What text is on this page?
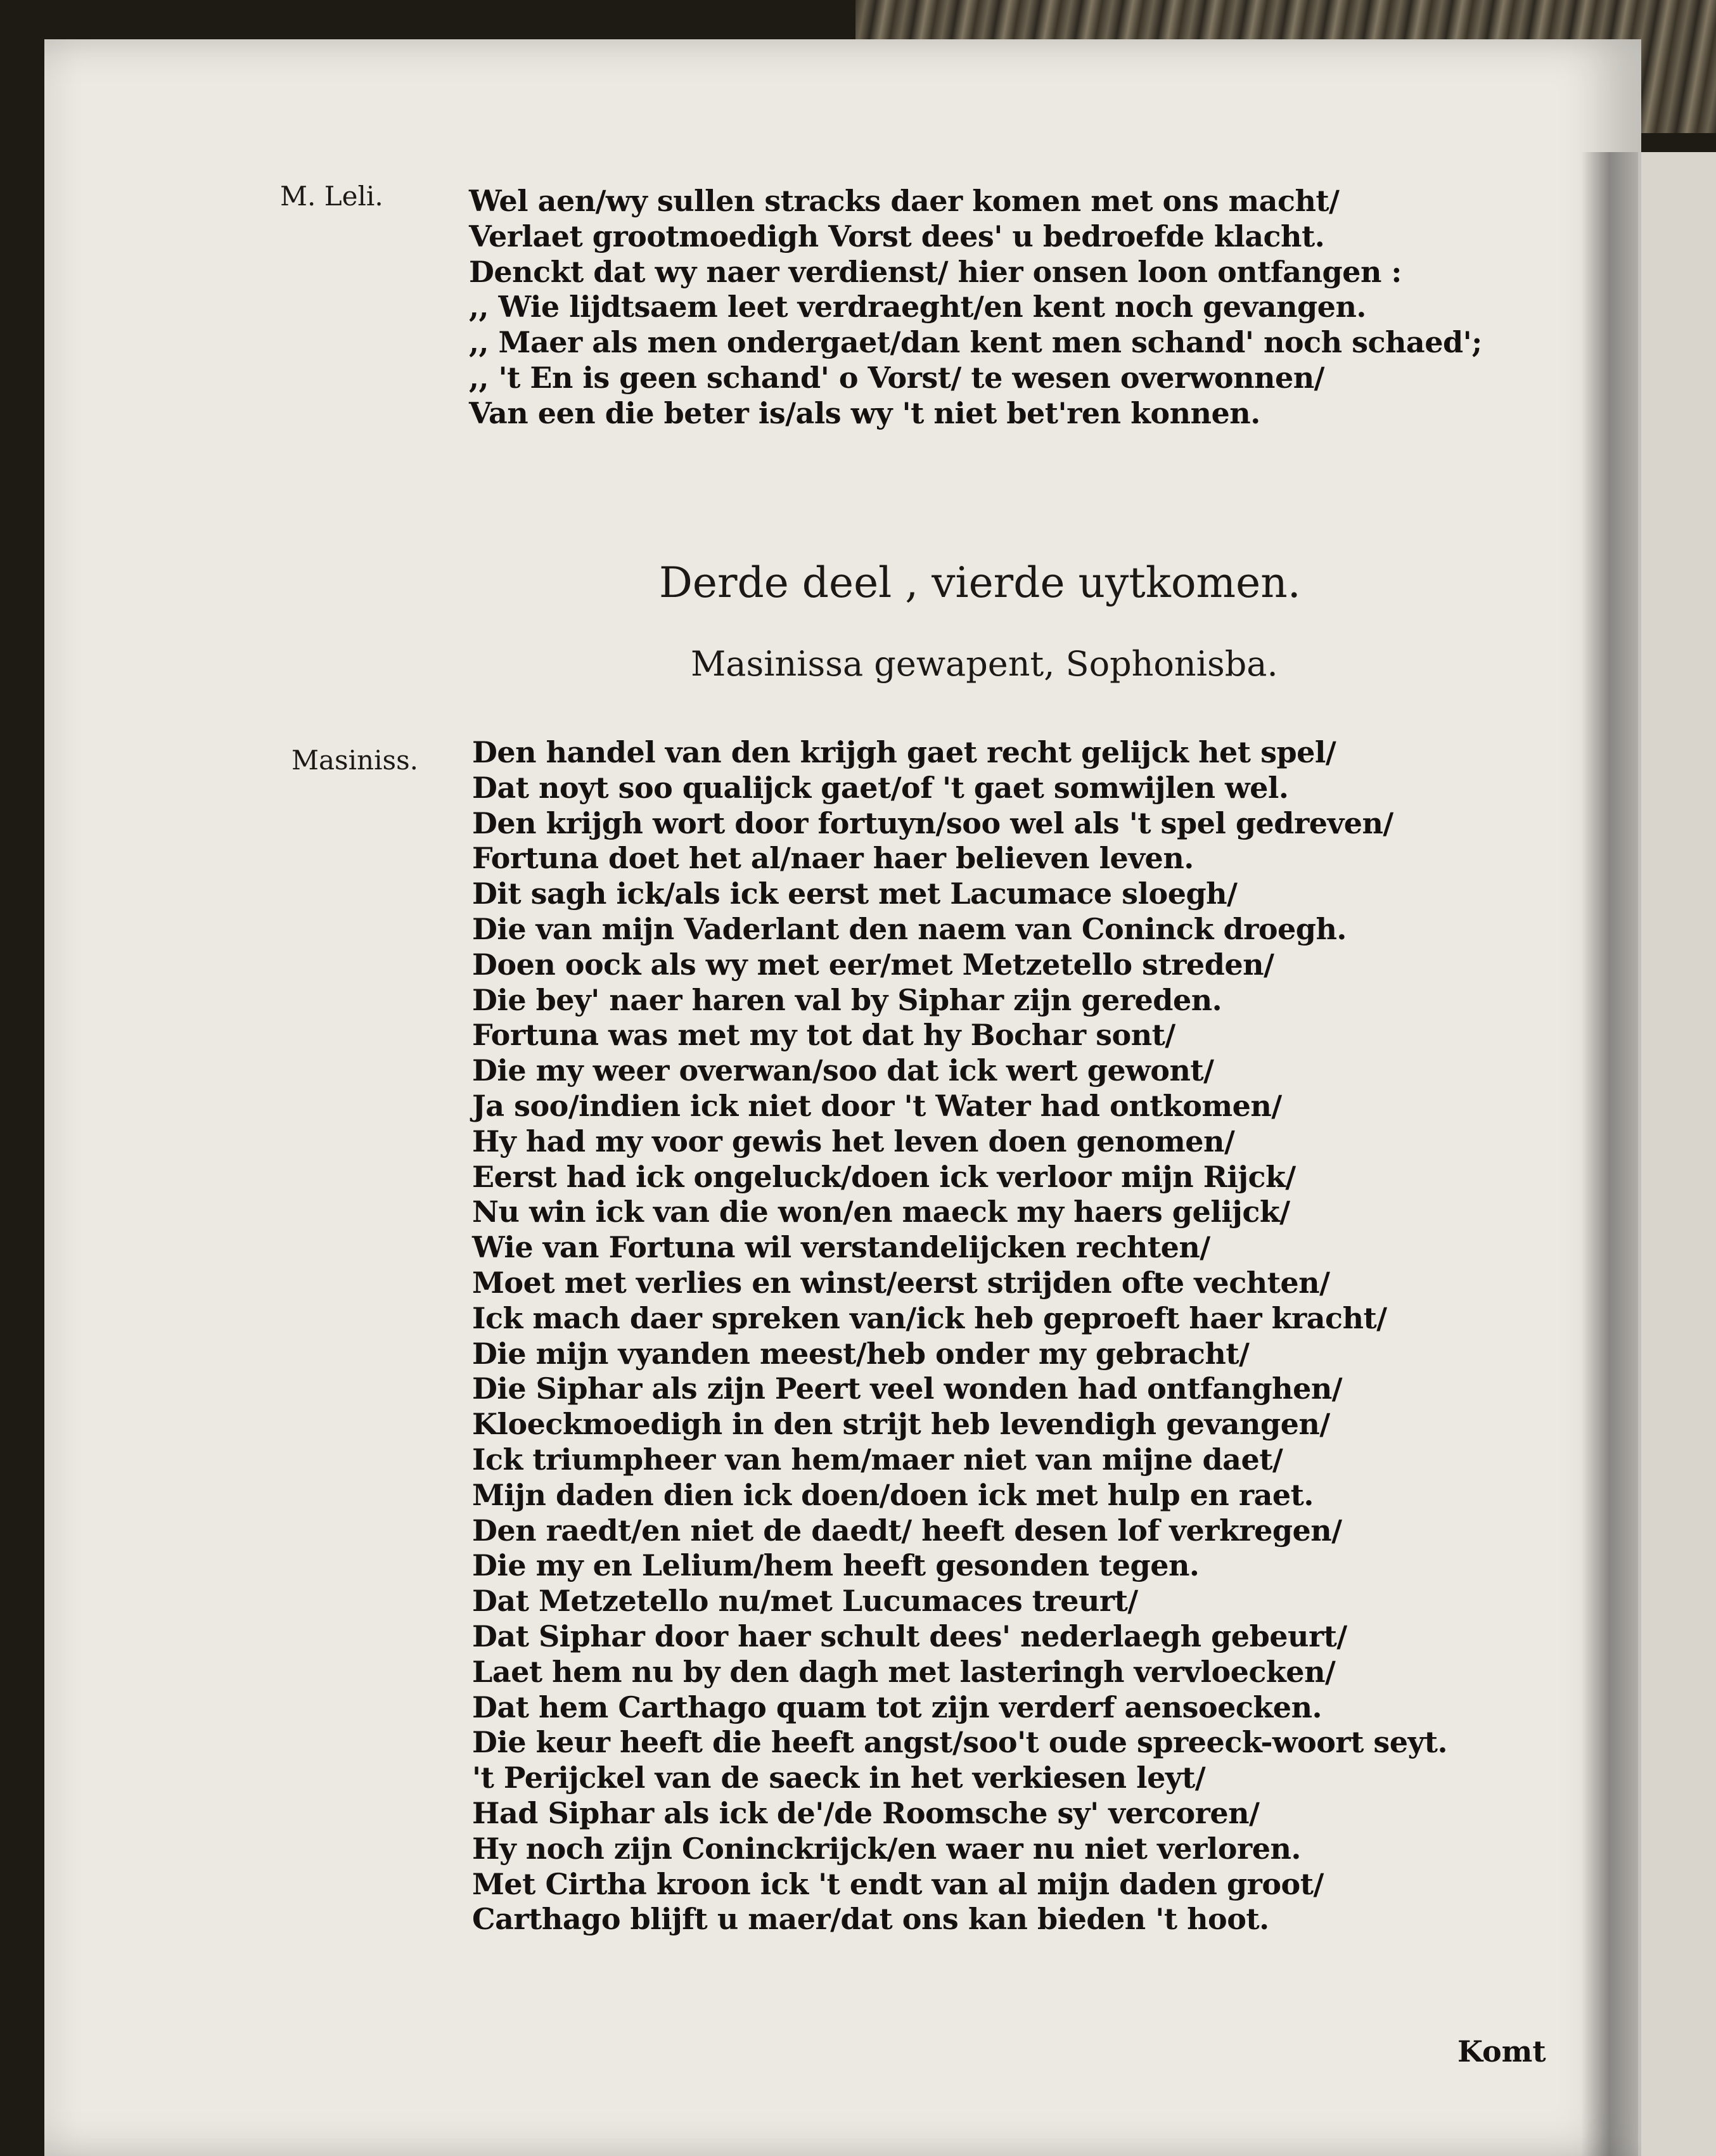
M. Leli.	Wel aen/wy sullen stracks daer komen met ons macht/
Verlaet grootmoedigh Vorst dees' u bedroefde klacht.
Denckt dat wy naer verdienst/ hier onsen loon ontfangen :
,, Wie lijdtsaem leet verdraeght/en kent noch gevangen.
,, Maer als men ondergaet/dan kent men schand' noch schaed';
,, 't En is geen schand' o Vorst/ te wesen overwonnen/
Van een die beter is/als wy 't niet bet'ren konnen.
Derde deel , vierde uytkomen.
Masinissa gewapent, Sophonisba.
Masiniss. Den handel van den krijgh gaet recht gelijck het spel/
Dat noyt soo qualijck gaet/of 't gaet somwijlen wel.
Den krijgh wort door fortuyn/soo wel als 't spel gedreven/
Fortuna doet het al/naer haer believen leven.
Dit sagh ick/als ick eerst met Lacumace sloegh/
Die van mijn Vaderlant den naem van Coninck droegh.
Doen oock als wy met eer/met Metzetello streden/
Die bey' naer haren val by Siphar zijn gereden.
Fortuna was met my tot dat hy Bochar sont/
Die my weer overwan/soo dat ick wert gewont/
Ja soo/indien ick niet door 't Water had ontkomen/
Hy had my voor gewis het leven doen genomen/
Eerst had ick ongeluck/doen ick verloor mijn Rijck/
Nu win ick van die won/en maeck my haers gelijck/
Wie van Fortuna wil verstandelijcken rechten/
Moet met verlies en winst/eerst strijden ofte vechten/
Ick mach daer spreken van/ick heb geproeft haer kracht/
Die mijn vyanden meest/heb onder my gebracht/
Die Siphar als zijn Peert veel wonden had ontfanghen/
Kloeckmoedigh in den strijt heb levendigh gevangen/
Ick triumpheer van hem/maer niet van mijne daet/
Mijn daden dien ick doen/doen ick met hulp en raet.
Den raedt/en niet de daedt/ heeft desen lof verkregen/
Die my en Lelium/hem heeft gesonden tegen.
Dat Metzetello nu/met Lucumaces treurt/
Dat Siphar door haer schult dees' nederlaegh gebeurt/
Laet hem nu by den dagh met lasteringh vervloecken/
Dat hem Carthago quam tot zijn verderf aensoecken.
Die keur heeft die heeft angst/soo't oude spreeck-woort seyt.
't Perijckel van de saeck in het verkiesen leyt/
Had Siphar als ick de'/de Roomsche sy' vercoren/
Hy noch zijn Coninckrijck/en waer nu niet verloren.
Met Cirtha kroon ick 't endt van al mijn daden groot/
Carthago blijft u maer/dat ons kan bieden 't hoot.
Komt
